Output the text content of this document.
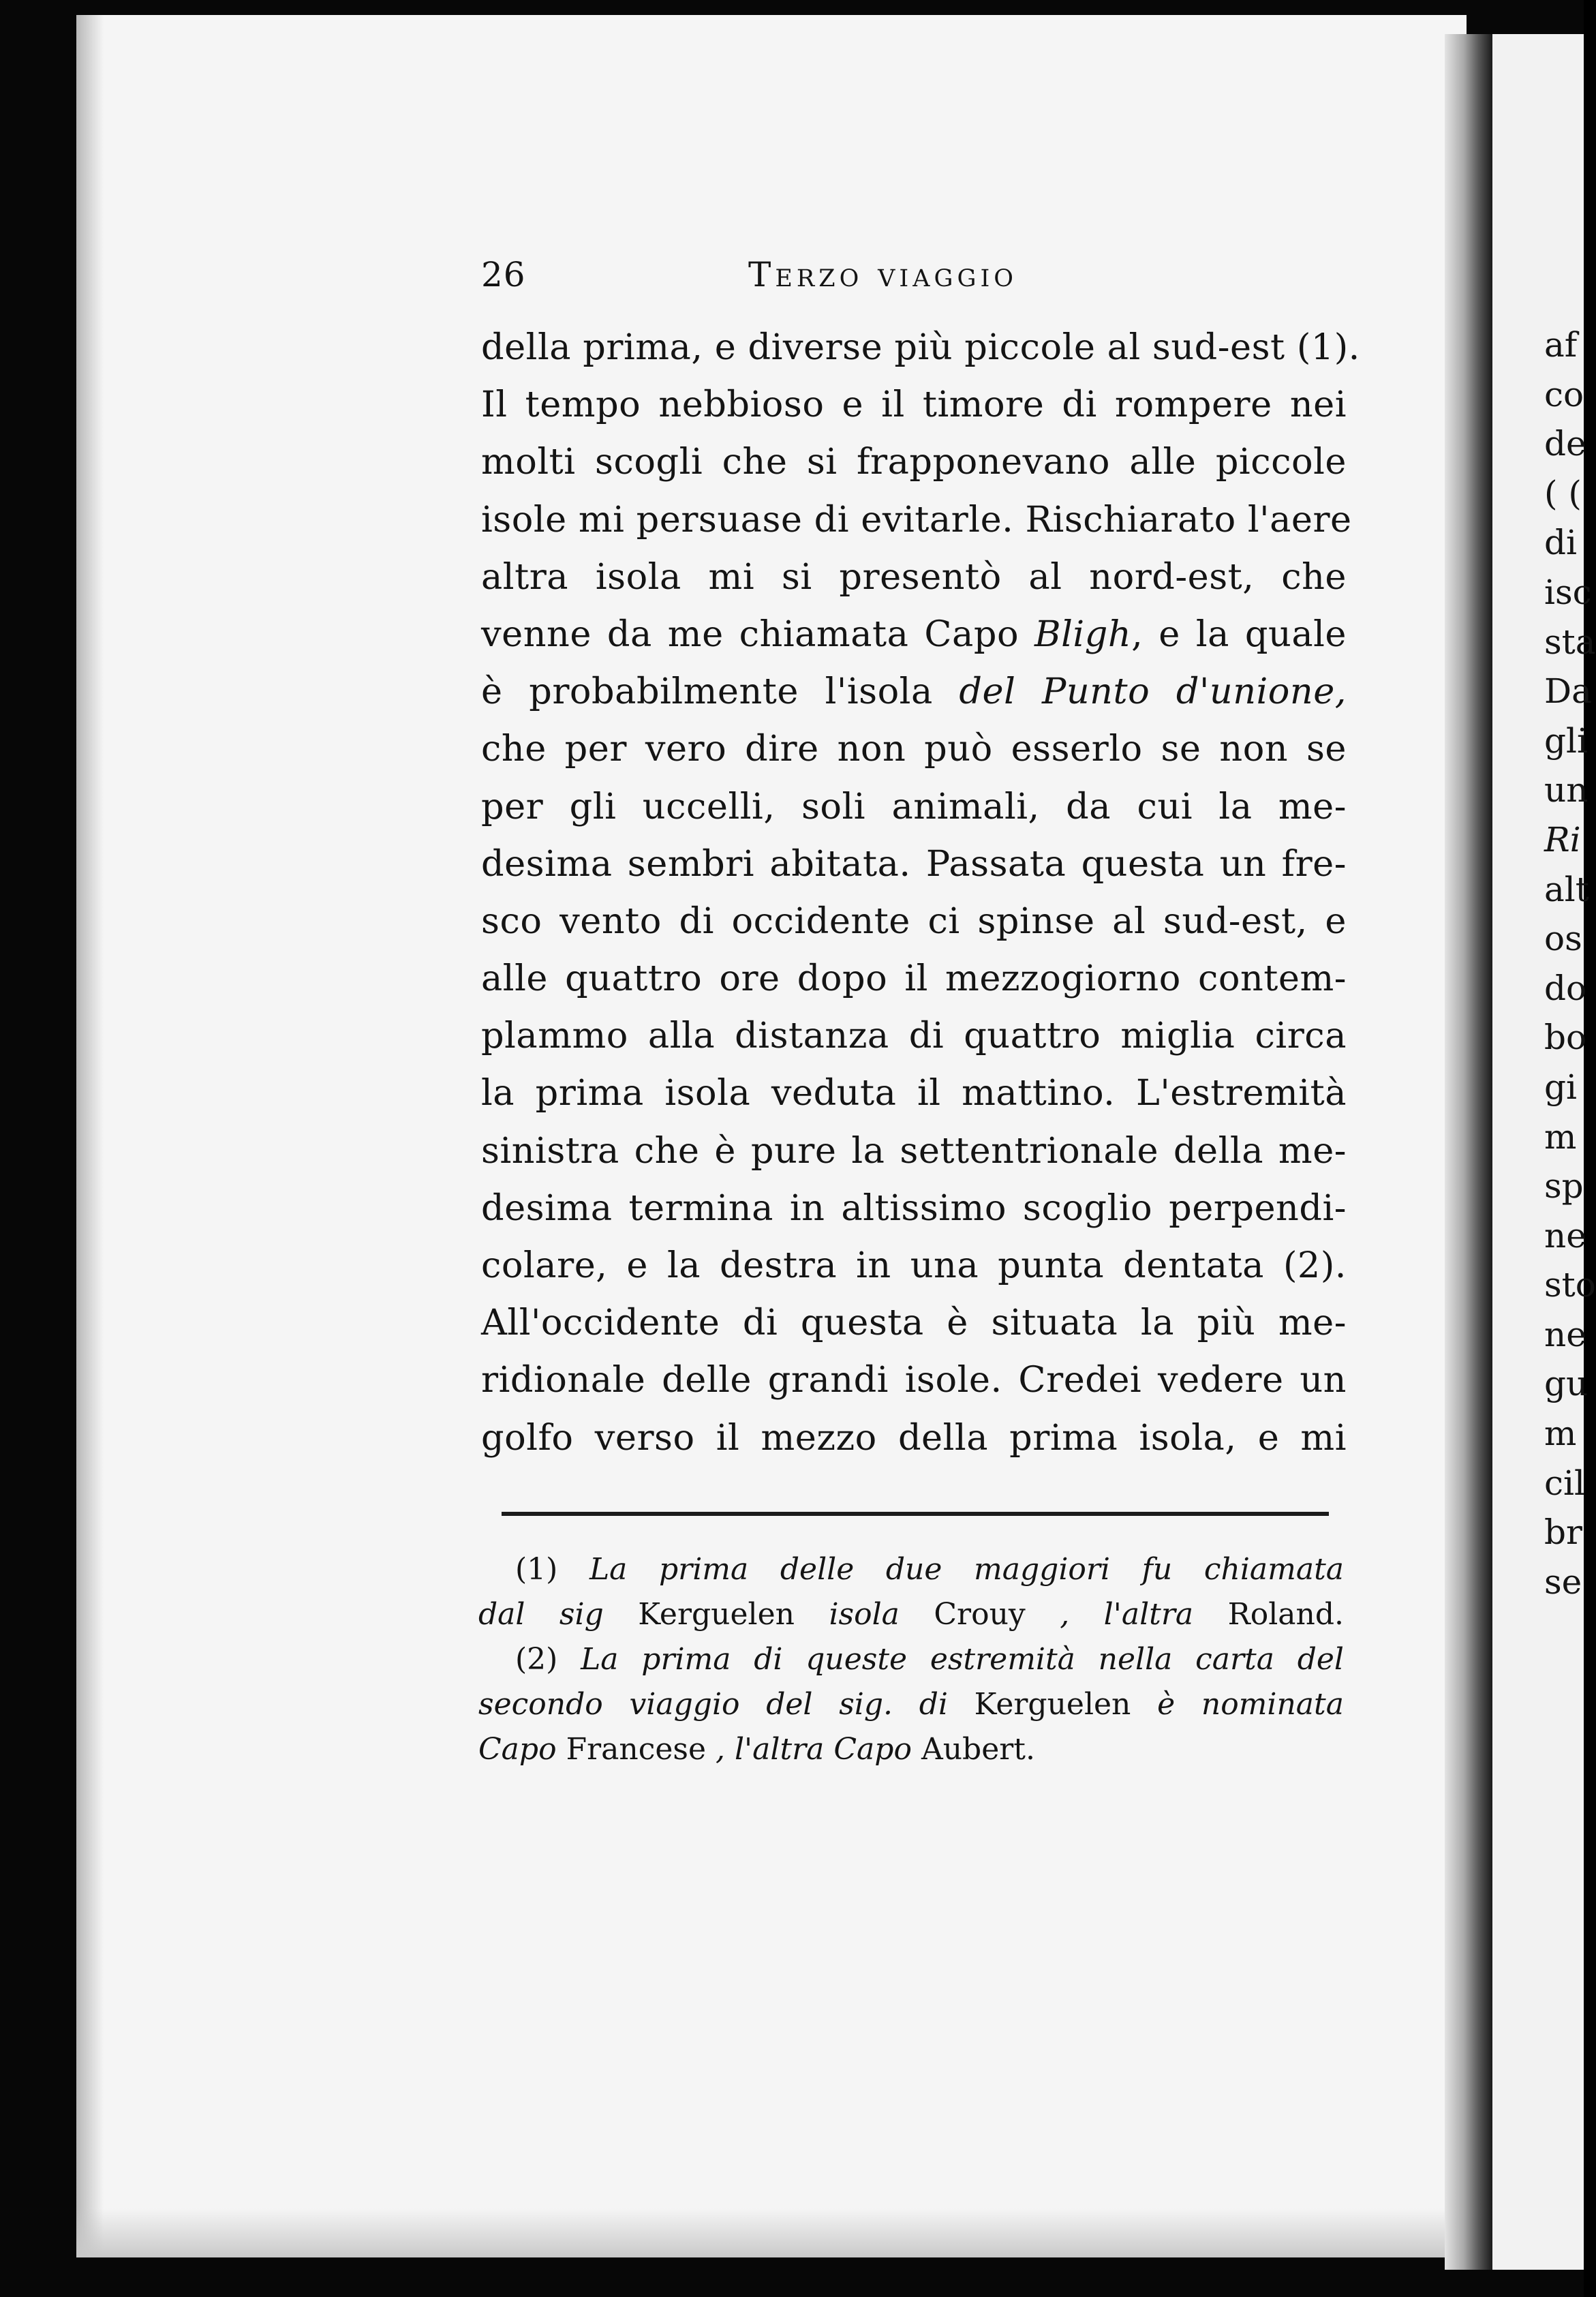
26	Terzo viaggio
della prima, e diverse più piccole al sud-est (1).
Il tempo nebbioso e il timore di rompere nei
molti scogli che si frapponevano alle piccole
isole mi persuase di evitarle. Rischiarato l'aere
altra isola mi si presentò al nord-est, che
venne da me chiamata Capo Bligh, e la quale
è probabilmente l'isola del Punto d'unione,
che per vero dire non può esserlo se non se
per gli uccelli, soli animali, da cui la me-
desima sembri abitata. Passata questa un fre-
sco vento di occidente ci spinse al sud-est, e
alle quattro ore dopo il mezzogiorno contem-
plammo alla distanza di quattro miglia circa
la prima isola veduta il mattino. L'estremità
sinistra che è pure la settentrionale della me-
desima termina in altissimo scoglio perpendi-
colare, e la destra in una punta dentata (2).
All'occidente di questa è situata la più me-
ridionale delle grandi isole. Credei vedere un
golfo verso il mezzo della prima isola, e mi
(1) La prima delle due maggiori fu chiamata
dal sig Kerguelen isola Crouy , l'altra Roland.
(2) La prima di queste estremità nella carta del
secondo viaggio del sig. di Kerguelen è nominata
Capo Francese , l'altra Capo Aubert.
af
co
de
( (
di
isc
sta
Da
gli
un
Ri
alt
os
do
bo
gi
m
sp
ne
sto
ne
gu
m
cil
br
se
